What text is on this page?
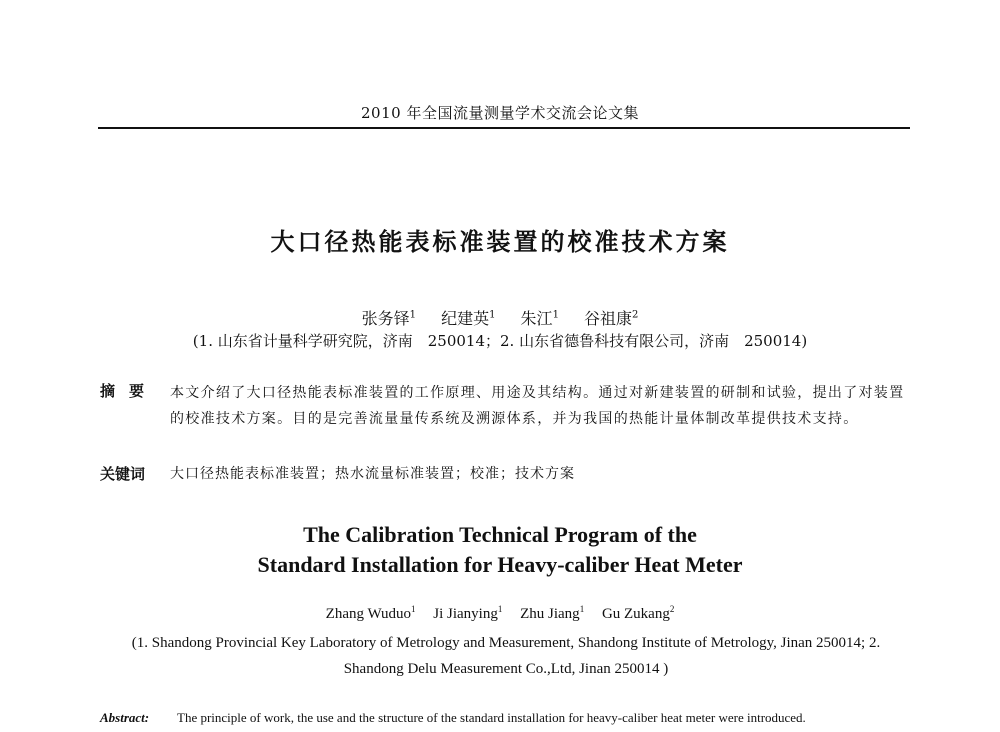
2010 年全国流量测量学术交流会论文集
大口径热能表标准装置的校准技术方案
张务铎$^1$ 纪建英$^1$ 朱江$^1$ 谷祖康$^2$
(1. 山东省计量科学研究院，济南　250014；2. 山东省德鲁科技有限公司，济南　250014)
摘要 本文介绍了大口径热能表标准装置的工作原理、用途及其结构。通过对新建装置的研制和试验，提出了对装置的校准技术方案。目的是完善流量量传系统及溯源体系，并为我国的热能计量体制改革提供技术支持。
关键词 大口径热能表标准装置；热水流量标准装置；校准；技术方案
The Calibration Technical Program of the
Standard Installation for Heavy-caliber Heat Meter
Zhang Wuduo$^1$ Ji Jianying$^1$ Zhu Jiang$^1$ Gu Zukang$^2$
(1. Shandong Provincial Key Laboratory of Metrology and Measurement, Shandong Institute of Metrology, Jinan 250014; 2. Shandong Delu Measurement Co.,Ltd, Jinan 250014 )
Abstract: The principle of work, the use and the structure of the standard installation for heavy-caliber heat meter were introduced.
